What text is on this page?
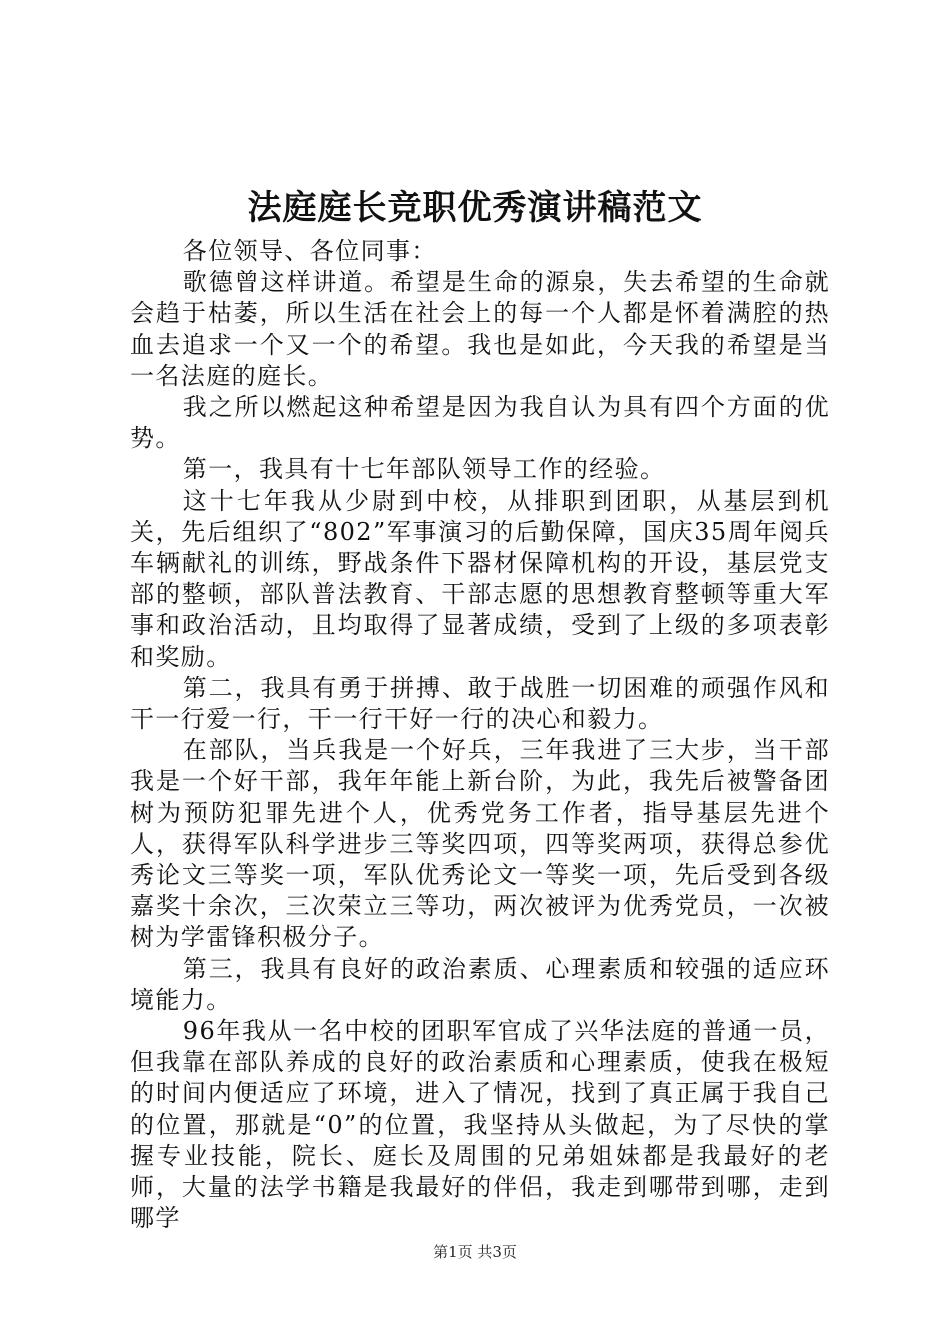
法庭庭长竞职优秀演讲稿范文

各位领导、各位同事：

歌德曾这样讲道。希望是生命的源泉，失去希望的生命就会趋于枯萎，所以生活在社会上的每一个人都是怀着满腔的热血去追求一个又一个的希望。我也是如此，今天我的希望是当一名法庭的庭长。

我之所以燃起这种希望是因为我自认为具有四个方面的优势。

第一，我具有十七年部队领导工作的经验。

这十七年我从少尉到中校，从排职到团职，从基层到机关，先后组织了“802”军事演习的后勤保障，国庆35周年阅兵车辆献礼的训练，野战条件下器材保障机构的开设，基层党支部的整顿，部队普法教育、干部志愿的思想教育整顿等重大军事和政治活动，且均取得了显著成绩，受到了上级的多项表彰和奖励。

第二，我具有勇于拼搏、敢于战胜一切困难的顽强作风和干一行爱一行，干一行干好一行的决心和毅力。

在部队，当兵我是一个好兵，三年我进了三大步，当干部我是一个好干部，我年年能上新台阶，为此，我先后被警备团树为预防犯罪先进个人，优秀党务工作者，指导基层先进个人，获得军队科学进步三等奖四项，四等奖两项，获得总参优秀论文三等奖一项，军队优秀论文一等奖一项，先后受到各级嘉奖十余次，三次荣立三等功，两次被评为优秀党员，一次被树为学雷锋积极分子。

第三，我具有良好的政治素质、心理素质和较强的适应环境能力。

96年我从一名中校的团职军官成了兴华法庭的普通一员，但我靠在部队养成的良好的政治素质和心理素质，使我在极短的时间内便适应了环境，进入了情况，找到了真正属于我自己的位置，那就是“0”的位置，我坚持从头做起，为了尽快的掌握专业技能，院长、庭长及周围的兄弟姐妹都是我最好的老师，大量的法学书籍是我最好的伴侣，我走到哪带到哪，走到哪学

第1页 共3页
